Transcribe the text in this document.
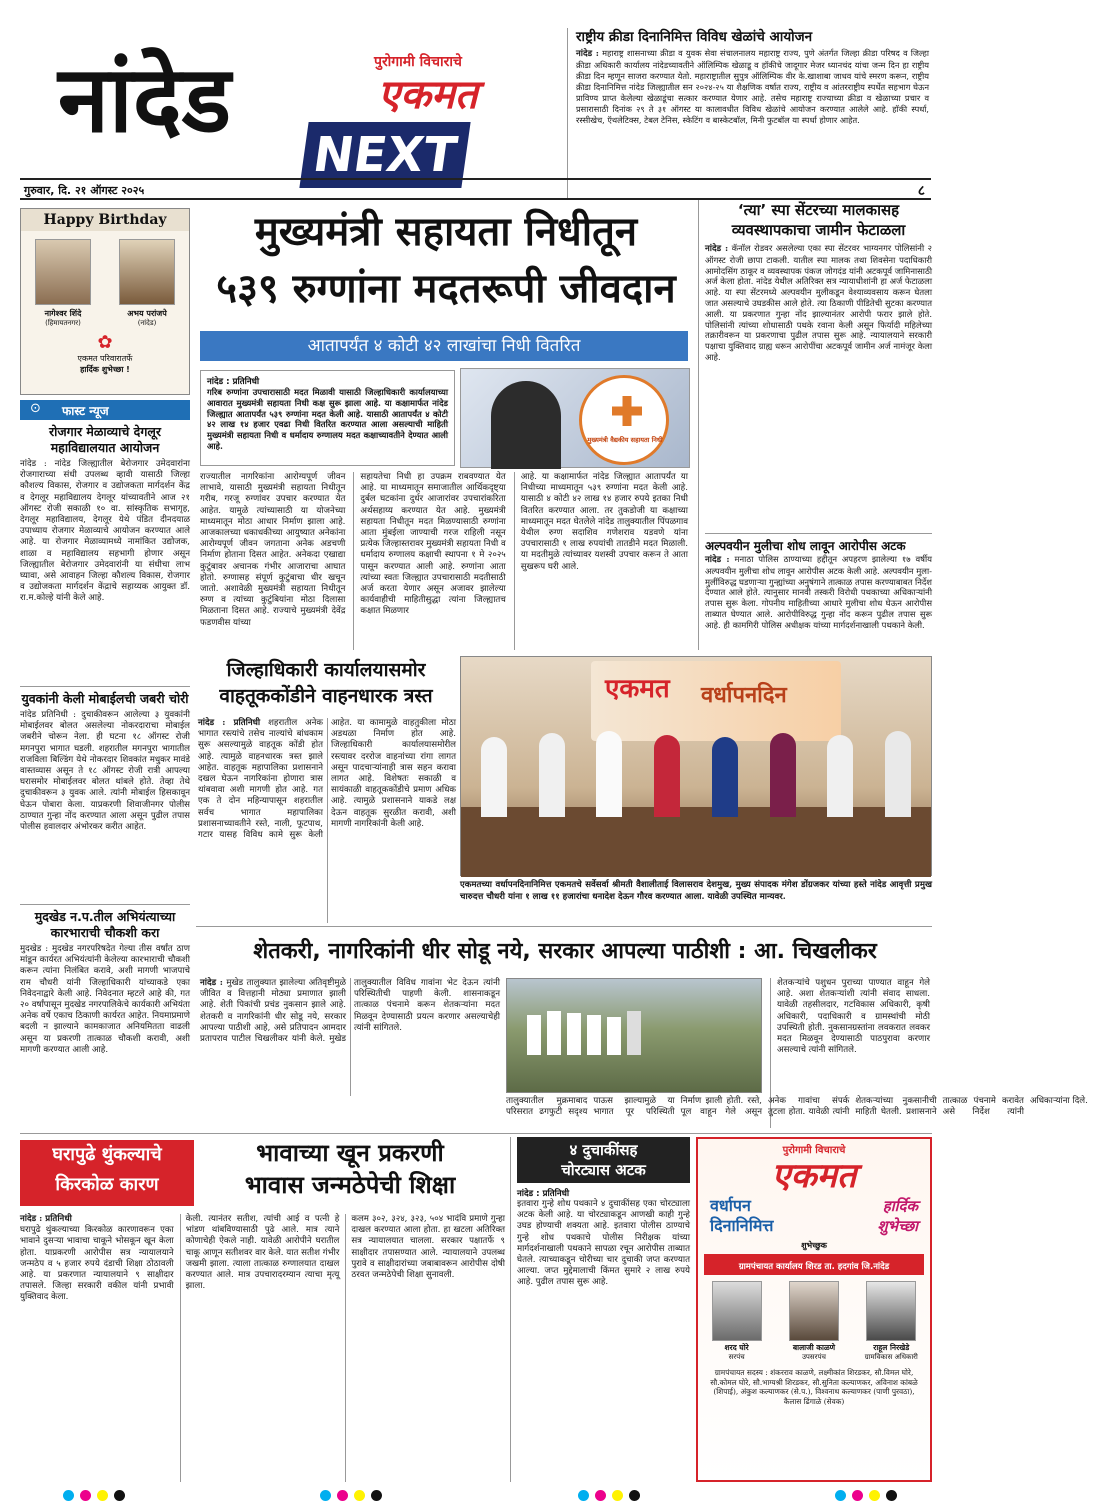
नांदेड	पुरोगामी विचाराचे
एकमत
NEXT
राष्ट्रीय क्रीडा दिनानिमित्त विविध खेळांचे आयोजन
नांदेड : महाराष्ट्र शासनाच्या क्रीडा व युवक सेवा संचालनालय महाराष्ट्र राज्य, पुणे अंतर्गत जिल्हा क्रीडा परिषद व जिल्हा क्रीडा अधिकारी कार्यालय नांदेडच्यावतीने ऑलिम्पिक खेळाडू व हॉकीचे जादूगार मेजर ध्यानचंद यांचा जन्म दिन हा राष्ट्रीय क्रीडा दिन म्हणून साजरा करण्यात येतो. महाराष्ट्रातील सुपुत्र ऑलिम्पिक वीर के.खाशाबा जाधव यांचे स्मरण करून, राष्ट्रीय क्रीडा दिनानिमित्त नांदेड जिल्ह्यातील सन २०२४-२५ या शैक्षणिक वर्षात राज्य, राष्ट्रीय व आंतरराष्ट्रीय स्पर्धेत सहभाग घेऊन प्राविण्य प्राप्त केलेल्या खेळाडूंचा सत्कार करण्यात येणार आहे. तसेच महाराष्ट्र राज्याच्या क्रीडा व खेळाच्या प्रचार व प्रसारासाठी दिनांक २९ ते ३१ ऑगस्ट या कालावधीत विविध खेळांचे आयोजन करण्यात आलेले आहे. हॉकी स्पर्धा, रस्सीखेच, ऍथलेटिक्स, टेबल टेनिस, स्केटिंग व बास्केटबॉल, मिनी फुटबॉल या स्पर्धा होणार आहेत.
गुरुवार, दि. २१ ऑगस्ट २०२५	८
Happy Birthday
नागेश्वर शिंदे
(हिमायतनगर)
अभय परांजपे
(नांदेड)
✿
एकमत परिवारातर्फे
हार्दिक शुभेच्छा !
⊙ फास्ट न्यूज
रोजगार मेळाव्याचे देगलूर महाविद्यालयात आयोजन
नांदेड : नांदेड जिल्ह्यातील बेरोजगार उमेदवारांना रोजगाराच्या संधी उपलब्ध व्हावी यासाठी जिल्हा कौशल्य विकास, रोजगार व उद्योजकता मार्गदर्शन केंद्र व देगलूर महाविद्यालय देगलूर यांच्यावतीने आज २१ ऑगस्ट रोजी सकाळी १० वा. सांस्कृतिक सभागृह, देगलूर महाविद्यालय, देगलूर येथे पंडित दीनदयाळ उपाध्याय रोजगार मेळाव्याचे आयोजन करण्यात आले आहे. या रोजगार मेळाव्यामध्ये नामांकित उद्योजक, शाळा व महाविद्यालय सहभागी होणार असून जिल्ह्यातील बेरोजगार उमेदवारांनी या संधीचा लाभ घ्यावा, असे आवाहन जिल्हा कौशल्य विकास, रोजगार व उद्योजकता मार्गदर्शन केंद्राचे सहाय्यक आयुक्त डॉ. रा.म.कोल्हे यांनी केले आहे.
युवकांनी केली मोबाईलची जबरी चोरी
नांदेड प्रतिनिधी : दुचाकीवरून आलेल्या ३ युवकांनी मोबाईलवर बोलत असलेल्या नोकरदाराचा मोबाईल जबरीने चोरून नेला. ही घटना १८ ऑगस्ट रोजी मगनपुरा भागात घडली. शहरातील मगनपुरा भागातील राजविला बिल्डिंग येथे नोकरदार शिवकांत मधुकर मावंडे वास्तव्यास असून ते १८ ऑगस्ट रोजी रात्री आपल्या घरासमोर मोबाईलवर बोलत थांबले होते. तेव्हा तेथे दुचाकीवरून ३ युवक आले. त्यांनी मोबाईल हिसकावून घेऊन पोबारा केला. याप्रकरणी शिवाजीनगर पोलीस ठाण्यात गुन्हा नोंद करण्यात आला असून पुढील तपास पोलीस हवालदार अंभोरकर करीत आहेत.
मुदखेड न.प.तील अभियंत्याच्या कारभाराची चौकशी करा
मुदखेड : मुदखेड नगरपरिषदेत गेल्या तीस वर्षांत ठाण मांडून कार्यरत अभियंत्यांनी केलेल्या कारभाराची चौकशी करून त्यांना निलंबित करावे, अशी मागणी भाजपाचे राम चौधरी यांनी जिल्हाधिकारी यांच्याकडे एका निवेदनाद्वारे केली आहे. निवेदनात म्हटले आहे की, गत २० वर्षांपासून मुदखेड नगरपालिकेचे कार्यकारी अभियंता अनेक वर्षे एकाच ठिकाणी कार्यरत आहेत. नियमाप्रमाणे बदली न झाल्याने कामकाजात अनियमितता वाढली असून या प्रकरणी तात्काळ चौकशी करावी, अशी मागणी करण्यात आली आहे.
मुख्यमंत्री सहायता निधीतून
५३९ रुग्णांना मदतरूपी जीवदान
आतापर्यंत ४ कोटी ४२ लाखांचा निधी वितरित
नांदेड : प्रतिनिधी
गरिब रुग्णांना उपचारासाठी मदत मिळावी यासाठी जिल्हाधिकारी कार्यालयाच्या आवारात मुख्यमंत्री सहायता निधी कक्ष सुरू झाला आहे. या कक्षामार्फत नांदेड जिल्ह्यात आतापर्यंत ५३९ रुग्णांना मदत केली आहे. यासाठी आतापर्यंत ४ कोटी ४२ लाख १४ हजार एवढा निधी वितरित करण्यात आला असल्याची माहिती मुख्यमंत्री सहायता निधी व धर्मादाय रुग्णालय मदत कक्षाच्यावतीने देण्यात आली आहे.
मुख्यमंत्री वैद्यकीय सहायता निधी
राज्यातील नागरिकांना आरोग्यपूर्ण जीवन लाभावे, यासाठी मुख्यमंत्री सहायता निधीतून गरीब, गरजू रुग्णांवर उपचार करण्यात येत आहेत. यामुळे त्यांच्यासाठी या योजनेच्या माध्यमातून मोठा आधार निर्माण झाला आहे. आजकालच्या धकाधकीच्या आयुष्यात अनेकांना आरोग्यपूर्ण जीवन जगताना अनेक अडचणी निर्माण होताना दिसत आहेत. अनेकदा एखाद्या कुटुंबावर अचानक गंभीर आजाराचा आघात होतो. रुग्णासह संपूर्ण कुटुंबाचा धीर खचून जातो. अशावेळी मुख्यमंत्री सहायता निधीतून रुग्ण व त्यांच्या कुटुंबियांना मोठा दिलासा मिळताना दिसत आहे. राज्याचे मुख्यमंत्री देवेंद्र फडणवीस यांच्या
सहायतेचा निधी हा उपक्रम राबवण्यात येत आहे. या माध्यमातून समाजातील आर्थिकदृष्ट्या दुर्बल घटकांना दुर्धर आजारांवर उपचारांकरिता अर्थसहाय्य करण्यात येत आहे. मुख्यमंत्री सहायता निधीतून मदत मिळण्यासाठी रुग्णांना आता मुंबईला जाण्याची गरज राहिली नसून प्रत्येक जिल्हास्तरावर मुख्यमंत्री सहायता निधी व धर्मादाय रुग्णालय कक्षाची स्थापना १ मे २०२५ पासून करण्यात आली आहे. रुग्णांना आता त्यांच्या स्वतः जिल्ह्यात उपचारासाठी मदतीसाठी अर्ज करता येणार असून अजावर झालेल्या कार्यवाहीची माहितीसुद्धा त्यांना जिल्ह्यातच कक्षात मिळणार
आहे. या कक्षामार्फत नांदेड जिल्ह्यात आतापर्यंत या निधीच्या माध्यमातून ५३९ रुग्णांना मदत केली आहे. यासाठी ४ कोटी ४२ लाख १४ हजार रुपये इतका निधी वितरित करण्यात आला. तर तुकडोजी या कक्षाच्या माध्यमातून मदत घेतलेले नांदेड तालुक्यातील पिंपळगाव येथील रुग्ण सदाशिव गणेशराव यडवणे यांना उपचारासाठी १ लाख रुपयांची तातडीने मदत मिळाली. या मदतीमुळे त्यांच्यावर यशस्वी उपचार करून ते आता सुखरूप घरी आले.
‘त्या’ स्पा सेंटरच्या मालकासह
व्यवस्थापकाचा जामीन फेटाळला
नांदेड : कॅनॉल रोडवर असलेल्या एका स्पा सेंटरवर भाग्यनगर पोलिसांनी २ ऑगस्ट रोजी छापा टाकली. यातील स्पा मालक तथा शिवसेना पदाधिकारी आमोदसिंग ठाकूर व व्यवस्थापक पंकज जोगदंड यांनी अटकपूर्व जामिनासाठी अर्ज केला होता. नांदेड येथील अतिरिक्त सत्र न्यायाधीशांनी हा अर्ज फेटाळला आहे. या स्पा सेंटरमध्ये अल्पवयीन मुलीकडून वेश्याव्यवसाय करून घेतला जात असल्याचे उघडकीस आले होते. त्या ठिकाणी पीडितेची सुटका करण्यात आली. या प्रकरणात गुन्हा नोंद झाल्यानंतर आरोपी फरार झाले होते. पोलिसांनी त्यांच्या शोधासाठी पथके रवाना केली असून फिर्यादी महिलेच्या तक्रारीवरून या प्रकरणाचा पुढील तपास सुरू आहे. न्यायालयाने सरकारी पक्षाचा युक्तिवाद ग्राह्य धरून आरोपींचा अटकपूर्व जामीन अर्ज नामंजूर केला आहे.
अल्पवयीन मुलीचा शोध लावून आरोपीस अटक
नांदेड : मनाठा पोलिस ठाण्याच्या हद्दीतून अपहरण झालेल्या १७ वर्षीय अल्पवयीन मुलीचा शोध लावून आरोपीस अटक केली आहे. अल्पवयीन मुला-मुलींविरुद्ध घडणाऱ्या गुन्ह्यांच्या अनुषंगाने तात्काळ तपास करण्याबाबत निर्देश देण्यात आले होते. त्यानुसार मानवी तस्करी विरोधी पथकाच्या अधिकाऱ्यांनी तपास सुरू केला. गोपनीय माहितीच्या आधारे मुलीचा शोध घेऊन आरोपीस ताब्यात घेण्यात आले. आरोपीविरुद्ध गुन्हा नोंद करून पुढील तपास सुरू आहे. ही कामगिरी पोलिस अधीक्षक यांच्या मार्गदर्शनाखाली पथकाने केली.
जिल्हाधिकारी कार्यालयासमोर
वाहतूककोंडीने वाहनधारक त्रस्त
नांदेड : प्रतिनिधी शहरातील अनेक भागात रस्त्यांचे तसेच नाल्यांचे बांधकाम सुरू असल्यामुळे वाहतूक कोंडी होत आहे. त्यामुळे वाहनधारक त्रस्त झाले आहेत. वाहतूक महापालिका प्रशासनाने दखल घेऊन नागरिकांना होणारा त्रास थांबवावा अशी मागणी होत आहे. गत एक ते दोन महिन्यापासून शहरातील सर्वच भागात महापालिका प्रशासनाच्यावतीने रस्ते, नाली, फूटपाथ, गटार यासह विविध कामे सुरू केली आहेत. या कामामुळे वाहतुकीला मोठा अडथळा निर्माण होत आहे. जिल्हाधिकारी कार्यालयासमोरील रस्त्यावर दररोज वाहनांच्या रांगा लागत असून पादचाऱ्यांनाही त्रास सहन करावा लागत आहे. विशेषतः सकाळी व सायंकाळी वाहतूककोंडीचे प्रमाण अधिक आहे. त्यामुळे प्रशासनाने याकडे लक्ष देऊन वाहतूक सुरळीत करावी, अशी मागणी नागरिकांनी केली आहे.
एकमत वर्धापनदिन
एकमतच्या वर्धापनदिनानिमित्त एकमतचे सर्वेसर्वा श्रीमती वैशालीताई विलासराव देशमुख, मुख्य संपादक मंगेश डोंग्रजकर यांच्या हस्ते नांदेड आवृत्ती प्रमुख चारुदत्त चौधरी यांना १ लाख ११ हजारांचा धनादेश देऊन गौरव करण्यात आला. यावेळी उपस्थित मान्यवर.
शेतकरी, नागरिकांनी धीर सोडू नये, सरकार आपल्या पाठीशी : आ. चिखलीकर
नांदेड : मुखेड तालुक्यात झालेल्या अतिवृष्टीमुळे जीवित व वित्तहानी मोठ्या प्रमाणात झाली आहे. शेती पिकांची प्रचंड नुकसान झाले आहे. शेतकरी व नागरिकांनी धीर सोडू नये, सरकार आपल्या पाठीशी आहे, असे प्रतिपादन आमदार प्रतापराव पाटील चिखलीकर यांनी केले. मुखेड तालुक्यातील विविध गावांना भेट देऊन त्यांनी परिस्थितीची पाहणी केली. शासनाकडून तात्काळ पंचनामे करून शेतकऱ्यांना मदत मिळवून देण्यासाठी प्रयत्न करणार असल्याचेही त्यांनी सांगितले.
शेतकऱ्यांचे पशुधन पुराच्या पाण्यात वाहून गेले आहे. अशा शेतकऱ्यांशी त्यांनी संवाद साधला. यावेळी तहसीलदार, गटविकास अधिकारी, कृषी अधिकारी, पदाधिकारी व ग्रामस्थांची मोठी उपस्थिती होती. नुकसानग्रस्तांना लवकरात लवकर मदत मिळवून देण्यासाठी पाठपुरावा करणार असल्याचे त्यांनी सांगितले.
तालुक्यातील मुक्रमाबाद परिसरात ढगफुटी सदृश्य पाऊस झाल्यामुळे या भागात पूर परिस्थिती निर्माण झाली होती. रस्ते, पूल वाहून गेले असून अनेक गावांचा संपर्क तुटला होता. यावेळी त्यांनी शेतकऱ्यांच्या नुकसानीची माहिती घेतली. प्रशासनाने तात्काळ पंचनामे करावेत असे निर्देश त्यांनी अधिकाऱ्यांना दिले.
घरापुढे थुंकल्याचे
किरकोळ कारण
भावाच्या खून प्रकरणी
भावास जन्मठेपेची शिक्षा
नांदेड : प्रतिनिधी
घरापुढे थुंकल्याच्या किरकोळ कारणावरून एका भावाने दुसऱ्या भावाचा चाकूने भोसकून खून केला होता. याप्रकरणी आरोपीस सत्र न्यायालयाने जन्मठेप व ५ हजार रुपये दंडाची शिक्षा ठोठावली आहे. या प्रकरणात न्यायालयाने ९ साक्षीदार तपासले. जिल्हा सरकारी वकील यांनी प्रभावी युक्तिवाद केला.
केली. त्यानंतर सतीश, त्यांची आई व पत्नी हे भांडण थांबविण्यासाठी पुढे आले. मात्र त्याने कोणाचेही ऐकले नाही. यावेळी आरोपीने घरातील चाकू आणून सतीशवर वार केले. यात सतीश गंभीर जखमी झाला. त्याला तात्काळ रुग्णालयात दाखल करण्यात आले. मात्र उपचारादरम्यान त्याचा मृत्यू झाला.
कलम ३०२, ३२४, ३२३, ५०४ भादंवि प्रमाणे गुन्हा दाखल करण्यात आला होता. हा खटला अतिरिक्त सत्र न्यायालयात चालला. सरकार पक्षातर्फे ९ साक्षीदार तपासण्यात आले. न्यायालयाने उपलब्ध पुरावे व साक्षीदारांच्या जबाबावरून आरोपीस दोषी ठरवत जन्मठेपेची शिक्षा सुनावली.
४ दुचाकींसह
चोरट्यास अटक
नांदेड : प्रतिनिधी
इतवारा गुन्हे शोध पथकाने ४ दुचाकींसह एका चोरट्याला अटक केली आहे. या चोरट्याकडून आणखी काही गुन्हे उघड होण्याची शक्यता आहे. इतवारा पोलीस ठाण्याचे गुन्हे शोध पथकाचे पोलीस निरीक्षक यांच्या मार्गदर्शनाखाली पथकाने सापळा रचून आरोपीस ताब्यात घेतले. त्याच्याकडून चोरीच्या चार दुचाकी जप्त करण्यात आल्या. जप्त मुद्देमालाची किंमत सुमारे २ लाख रुपये आहे. पुढील तपास सुरू आहे.
पुरोगामी विचाराचे
एकमत
वर्धापन
दिनानिमित्त
हार्दिक
शुभेच्छा
शुभेच्छुक
ग्रामपंचायत कार्यालय शिरड ता. हदगांव जि.नांदेड
शरद घोरे
सरपंच
बालाजी काळणे
उपसरपंच
राहूल निरखेडे
ग्रामविकास अधिकारी
ग्रामपंचायत सदस्य : शंकरराव काळणे, लक्ष्मीकांत शिरडकर, सौ.विमल घोरे, सौ.कोमल घोरे, सौ.भाग्यश्री शिरडकर, सौ.सुनिता कल्याणकर, अविनाश कांबळे (शिपाई), अंकुश कल्याणकर (से.प.), विश्वनाथ कल्याणकर (पाणी पुरवठा), कैलास ढिंगाळे (सेवक)
